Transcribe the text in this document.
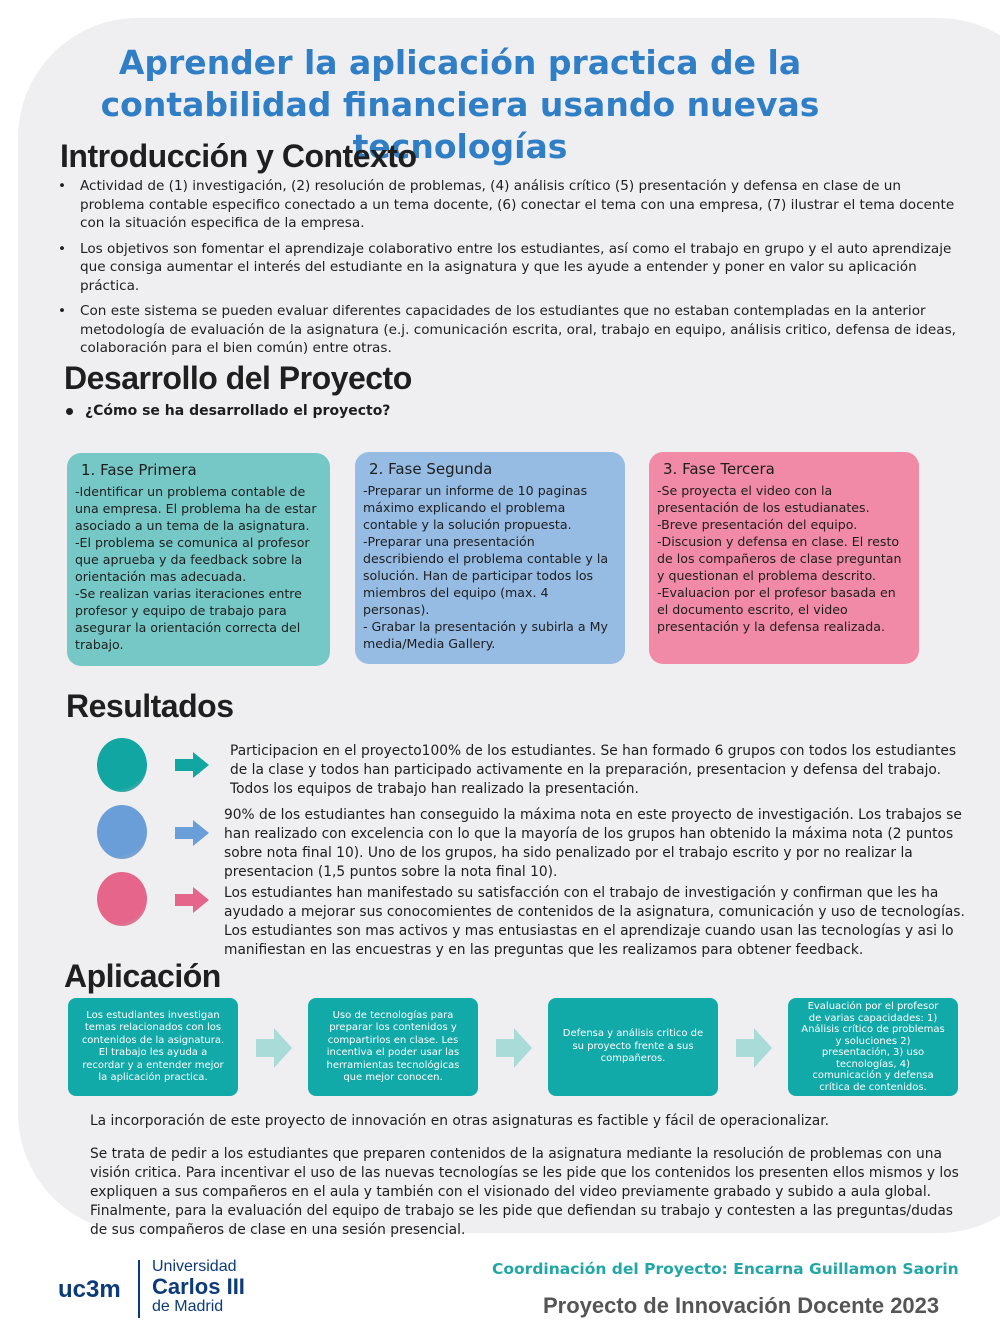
Aprender la aplicación practica de la contabilidad financiera usando nuevas tecnologías
Introducción y Contexto
• Actividad de (1) investigación, (2) resolución de problemas, (4) análisis crítico (5) presentación y defensa en clase de un problema contable especifico conectado a un tema docente, (6) conectar el tema con una empresa, (7) ilustrar el tema docente con la situación especifica de la empresa.
• Los objetivos son fomentar el aprendizaje colaborativo entre los estudiantes, así como el trabajo en grupo y el auto aprendizaje que consiga aumentar el interés del estudiante en la asignatura y que les ayude a entender y poner en valor su aplicación práctica.
• Con este sistema se pueden evaluar diferentes capacidades de los estudiantes que no estaban contempladas en la anterior metodología de evaluación de la asignatura (e.j. comunicación escrita, oral, trabajo en equipo, análisis critico, defensa de ideas, colaboración para el bien común) entre otras.
Desarrollo del Proyecto
¿Cómo se ha desarrollado el proyecto?
1. Fase Primera

-Identificar un problema contable de una empresa. El problema ha de estar asociado a un tema de la asignatura.
-El problema se comunica al profesor que aprueba y da feedback sobre la orientación mas adecuada.
-Se realizan varias iteraciones entre profesor y equipo de trabajo para asegurar la orientación correcta del trabajo.

2. Fase Segunda

-Preparar un informe de 10 paginas máximo explicando el problema contable y la solución propuesta.
-Preparar una presentación describiendo el problema contable y la solución. Han de participar todos los miembros del equipo (max. 4 personas).
- Grabar la presentación y subirla a My media/Media Gallery.

3. Fase Tercera

-Se proyecta el video con la presentación de los estudianates.
-Breve presentación del equipo.
-Discusion y defensa en clase. El resto de los compañeros de clase preguntan y questionan el problema descrito.
-Evaluacion por el profesor basada en el documento escrito, el video presentación y la defensa realizada.

Resultados

Participacion en el proyecto100% de los estudiantes. Se han formado 6 grupos con todos los estudiantes de la clase y todos han participado activamente en la preparación, presentacion y defensa del trabajo. Todos los equipos de trabajo han realizado la presentación.

90% de los estudiantes han conseguido la máxima nota en este proyecto de investigación. Los trabajos se han realizado con excelencia con lo que la mayoría de los grupos han obtenido la máxima nota (2 puntos sobre nota final 10). Uno de los grupos, ha sido penalizado por el trabajo escrito y por no realizar la presentacion (1,5 puntos sobre la nota final 10).

Los estudiantes han manifestado su satisfacción con el trabajo de investigación y confirman que les ha ayudado a mejorar sus conocomientes de contenidos de la asignatura, comunicación y uso de tecnologías. Los estudiantes son mas activos y mas entusiastas en el aprendizaje cuando usan las tecnologías y asi lo manifiestan en las encuestras y en las preguntas que les realizamos para obtener feedback.

Aplicación
Los estudiantes investigan temas relacionados con los contenidos de la asignatura. El trabajo les ayuda a recordar y a entender mejor la aplicación practica.
Uso de tecnologías para preparar los contenidos y compartirlos en clase. Les incentiva el poder usar las herramientas tecnológicas que mejor conocen.
Defensa y análisis critico de su proyecto frente a sus compañeros.
Evaluación por el profesor de varias capacidades: 1) Análisis crítico de problemas y soluciones 2) presentación, 3) uso tecnologías, 4) comunicación y defensa crítica de contenidos.

La incorporación de este proyecto de innovación en otras asignaturas es factible y fácil de operacionalizar.

Se trata de pedir a los estudiantes que preparen contenidos de la asignatura mediante la resolución de problemas con una visión critica. Para incentivar el uso de las nuevas tecnologías se les pide que los contenidos los presenten ellos mismos y los expliquen a sus compañeros en el aula y también con el visionado del video previamente grabado y subido a aula global. Finalmente, para la evaluación del equipo de trabajo se les pide que defiendan su trabajo y contesten a las preguntas/dudas de sus compañeros de clase en una sesión presencial.

uc3m
Universidad
Carlos III
de Madrid
Coordinación del Proyecto: Encarna Guillamon Saorin
Proyecto de Innovación Docente 2023
